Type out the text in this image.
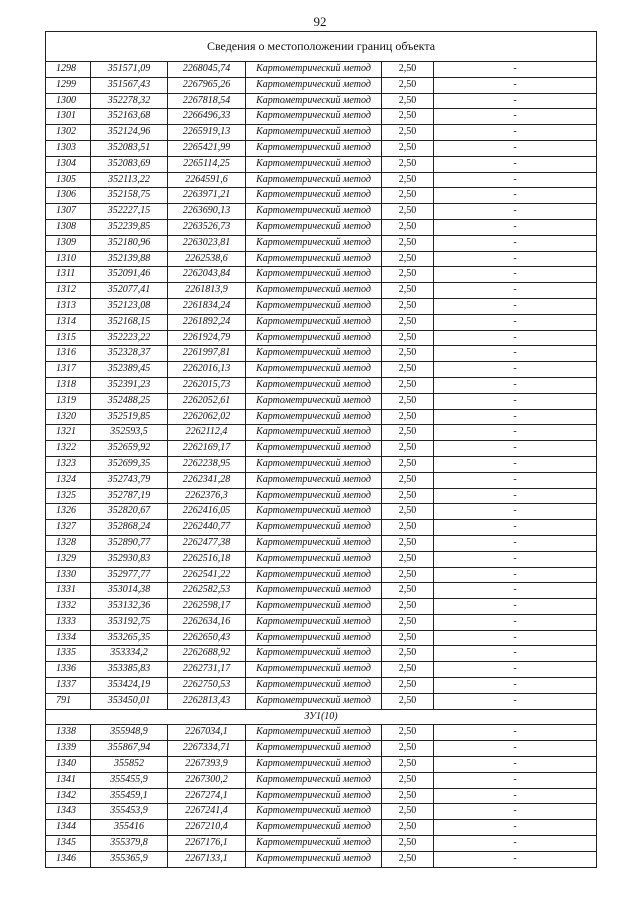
92
Сведения о местоположении границ объекта					
1298	351571,09	2268045,74	Картометрический метод	2,50	-
1299	351567,43	2267965,26	Картометрический метод	2,50	-
1300	352278,32	2267818,54	Картометрический метод	2,50	-
1301	352163,68	2266496,33	Картометрический метод	2,50	-
1302	352124,96	2265919,13	Картометрический метод	2,50	-
1303	352083,51	2265421,99	Картометрический метод	2,50	-
1304	352083,69	2265114,25	Картометрический метод	2,50	-
1305	352113,22	2264591,6	Картометрический метод	2,50	-
1306	352158,75	2263971,21	Картометрический метод	2,50	-
1307	352227,15	2263690,13	Картометрический метод	2,50	-
1308	352239,85	2263526,73	Картометрический метод	2,50	-
1309	352180,96	2263023,81	Картометрический метод	2,50	-
1310	352139,88	2262538,6	Картометрический метод	2,50	-
1311	352091,46	2262043,84	Картометрический метод	2,50	-
1312	352077,41	2261813,9	Картометрический метод	2,50	-
1313	352123,08	2261834,24	Картометрический метод	2,50	-
1314	352168,15	2261892,24	Картометрический метод	2,50	-
1315	352223,22	2261924,79	Картометрический метод	2,50	-
1316	352328,37	2261997,81	Картометрический метод	2,50	-
1317	352389,45	2262016,13	Картометрический метод	2,50	-
1318	352391,23	2262015,73	Картометрический метод	2,50	-
1319	352488,25	2262052,61	Картометрический метод	2,50	-
1320	352519,85	2262062,02	Картометрический метод	2,50	-
1321	352593,5	2262112,4	Картометрический метод	2,50	-
1322	352659,92	2262169,17	Картометрический метод	2,50	-
1323	352699,35	2262238,95	Картометрический метод	2,50	-
1324	352743,79	2262341,28	Картометрический метод	2,50	-
1325	352787,19	2262376,3	Картометрический метод	2,50	-
1326	352820,67	2262416,05	Картометрический метод	2,50	-
1327	352868,24	2262440,77	Картометрический метод	2,50	-
1328	352890,77	2262477,38	Картометрический метод	2,50	-
1329	352930,83	2262516,18	Картометрический метод	2,50	-
1330	352977,77	2262541,22	Картометрический метод	2,50	-
1331	353014,38	2262582,53	Картометрический метод	2,50	-
1332	353132,36	2262598,17	Картометрический метод	2,50	-
1333	353192,75	2262634,16	Картометрический метод	2,50	-
1334	353265,35	2262650,43	Картометрический метод	2,50	-
1335	353334,2	2262688,92	Картометрический метод	2,50	-
1336	353385,83	2262731,17	Картометрический метод	2,50	-
1337	353424,19	2262750,53	Картометрический метод	2,50	-
791	353450,01	2262813,43	Картометрический метод	2,50	-
ЗУ1(10)					
1338	355948,9	2267034,1	Картометрический метод	2,50	-
1339	355867,94	2267334,71	Картометрический метод	2,50	-
1340	355852	2267393,9	Картометрический метод	2,50	-
1341	355455,9	2267300,2	Картометрический метод	2,50	-
1342	355459,1	2267274,1	Картометрический метод	2,50	-
1343	355453,9	2267241,4	Картометрический метод	2,50	-
1344	355416	2267210,4	Картометрический метод	2,50	-
1345	355379,8	2267176,1	Картометрический метод	2,50	-
1346	355365,9	2267133,1	Картометрический метод	2,50	-
